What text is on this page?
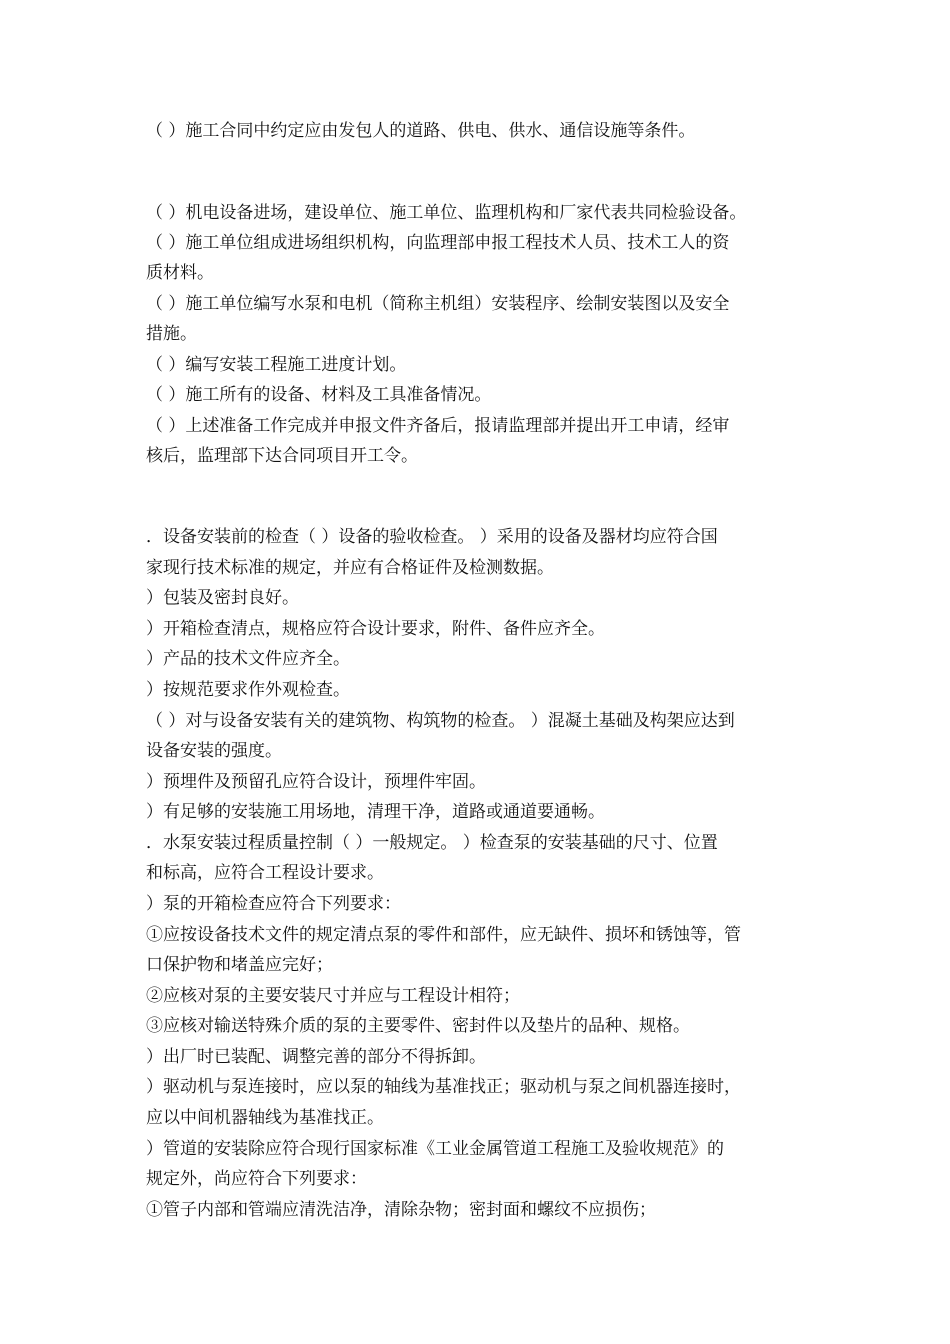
（ ）施工合同中约定应由发包人的道路、供电、供水、通信设施等条件。
（ ）机电设备进场，建设单位、施工单位、监理机构和厂家代表共同检验设备。
（ ）施工单位组成进场组织机构，向监理部申报工程技术人员、技术工人的资
质材料。
（ ）施工单位编写水泵和电机（简称主机组）安装程序、绘制安装图以及安全
措施。
（ ）编写安装工程施工进度计划。
（ ）施工所有的设备、材料及工具准备情况。
（ ）上述准备工作完成并申报文件齐备后，报请监理部并提出开工申请，经审
核后，监理部下达合同项目开工令。
．设备安装前的检查（ ）设备的验收检查。 ）采用的设备及器材均应符合国
家现行技术标准的规定，并应有合格证件及检测数据。
）包装及密封良好。
）开箱检查清点，规格应符合设计要求，附件、备件应齐全。
）产品的技术文件应齐全。
）按规范要求作外观检查。
（ ）对与设备安装有关的建筑物、构筑物的检查。 ）混凝土基础及构架应达到
设备安装的强度。
）预埋件及预留孔应符合设计，预埋件牢固。
）有足够的安装施工用场地，清理干净，道路或通道要通畅。
．水泵安装过程质量控制（ ）一般规定。 ）检查泵的安装基础的尺寸、位置
和标高，应符合工程设计要求。
）泵的开箱检查应符合下列要求：
①应按设备技术文件的规定清点泵的零件和部件，应无缺件、损坏和锈蚀等，管
口保护物和堵盖应完好；
②应核对泵的主要安装尺寸并应与工程设计相符；
③应核对输送特殊介质的泵的主要零件、密封件以及垫片的品种、规格。
）出厂时已装配、调整完善的部分不得拆卸。
）驱动机与泵连接时，应以泵的轴线为基准找正；驱动机与泵之间机器连接时，
应以中间机器轴线为基准找正。
）管道的安装除应符合现行国家标准《工业金属管道工程施工及验收规范》的
规定外，尚应符合下列要求：
①管子内部和管端应清洗洁净，清除杂物；密封面和螺纹不应损伤；
